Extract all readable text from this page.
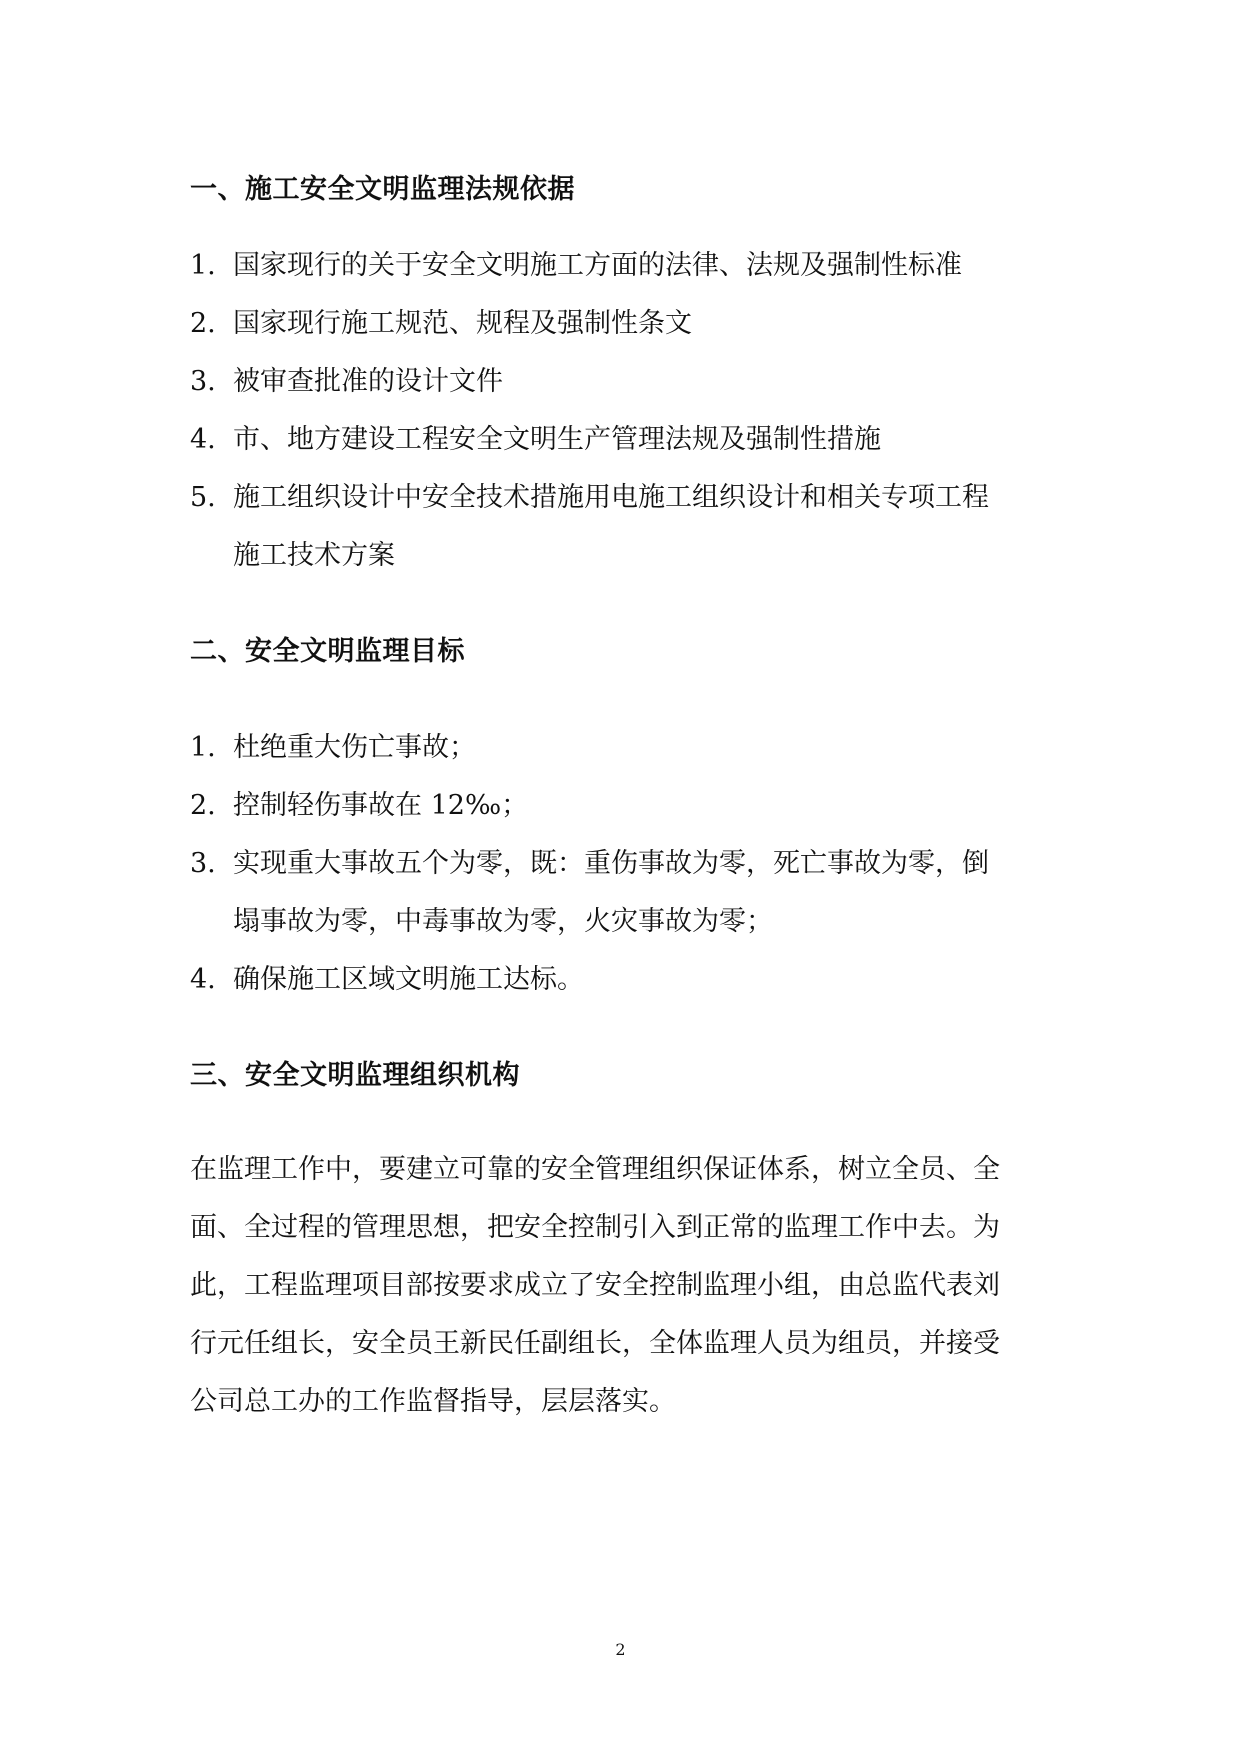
一、施工安全文明监理法规依据
1. 国家现行的关于安全文明施工方面的法律、法规及强制性标准
2. 国家现行施工规范、规程及强制性条文
3. 被审查批准的设计文件
4. 市、地方建设工程安全文明生产管理法规及强制性措施
5. 施工组织设计中安全技术措施用电施工组织设计和相关专项工程
施工技术方案
二、安全文明监理目标
1. 杜绝重大伤亡事故；
2. 控制轻伤事故在 12‰；
3. 实现重大事故五个为零，既：重伤事故为零，死亡事故为零，倒
塌事故为零，中毒事故为零，火灾事故为零；
4. 确保施工区域文明施工达标。
三、安全文明监理组织机构
在监理工作中，要建立可靠的安全管理组织保证体系，树立全员、全
面、全过程的管理思想，把安全控制引入到正常的监理工作中去。为
此，工程监理项目部按要求成立了安全控制监理小组，由总监代表刘
行元任组长，安全员王新民任副组长，全体监理人员为组员，并接受
公司总工办的工作监督指导，层层落实。
2
